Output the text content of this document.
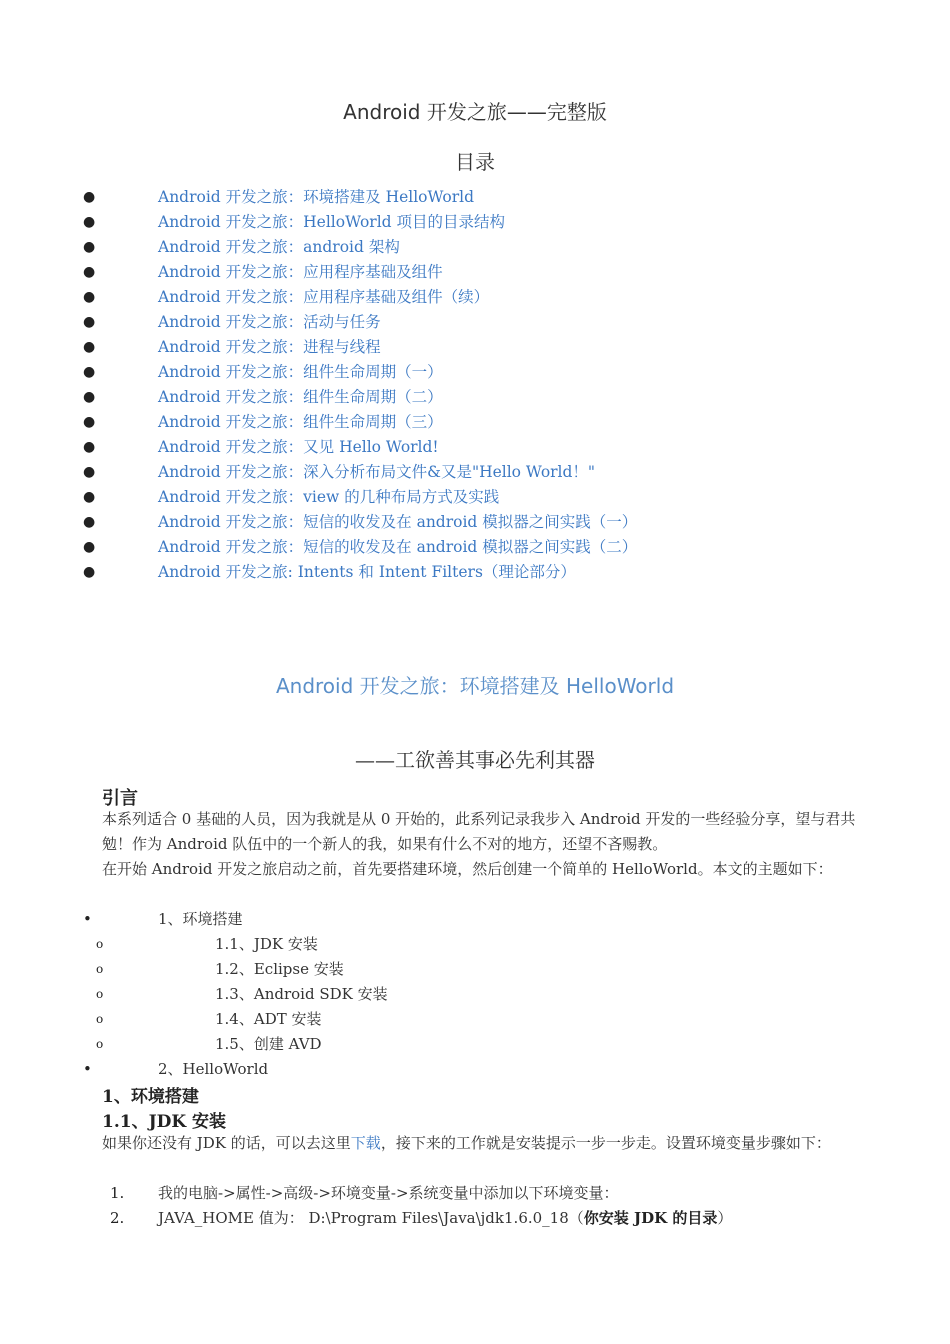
Android 开发之旅——完整版
目录
●	Android 开发之旅：环境搭建及 HelloWorld
●	Android 开发之旅：HelloWorld 项目的目录结构
●	Android 开发之旅：android 架构
●	Android 开发之旅：应用程序基础及组件
●	Android 开发之旅：应用程序基础及组件（续）
●	Android 开发之旅：活动与任务
●	Android 开发之旅：进程与线程
●	Android 开发之旅：组件生命周期（一）
●	Android 开发之旅：组件生命周期（二）
●	Android 开发之旅：组件生命周期（三）
●	Android 开发之旅：又见 Hello World!
●	Android 开发之旅：深入分析布局文件&又是"Hello World！"
●	Android 开发之旅：view 的几种布局方式及实践
●	Android 开发之旅：短信的收发及在 android 模拟器之间实践（一）
●	Android 开发之旅：短信的收发及在 android 模拟器之间实践（二）
●	Android 开发之旅: Intents 和 Intent Filters（理论部分）
Android 开发之旅：环境搭建及 HelloWorld
——工欲善其事必先利其器
引言
本系列适合 0 基础的人员，因为我就是从 0 开始的，此系列记录我步入 Android 开发的一些经验分享，望与君共勉！作为 Android 队伍中的一个新人的我，如果有什么不对的地方，还望不吝赐教。
在开始 Android 开发之旅启动之前，首先要搭建环境，然后创建一个简单的 HelloWorld。本文的主题如下：
•	1、环境搭建
o	1.1、JDK 安装
o	1.2、Eclipse 安装
o	1.3、Android SDK 安装
o	1.4、ADT 安装
o	1.5、创建 AVD
•	2、HelloWorld
1、环境搭建
1.1、JDK 安装
如果你还没有 JDK 的话，可以去这里下载，接下来的工作就是安装提示一步一步走。设置环境变量步骤如下：
1. 我的电脑->属性->高级->环境变量->系统变量中添加以下环境变量：
2. JAVA_HOME 值为： D:\Program Files\Java\jdk1.6.0_18（你安装 JDK 的目录）
